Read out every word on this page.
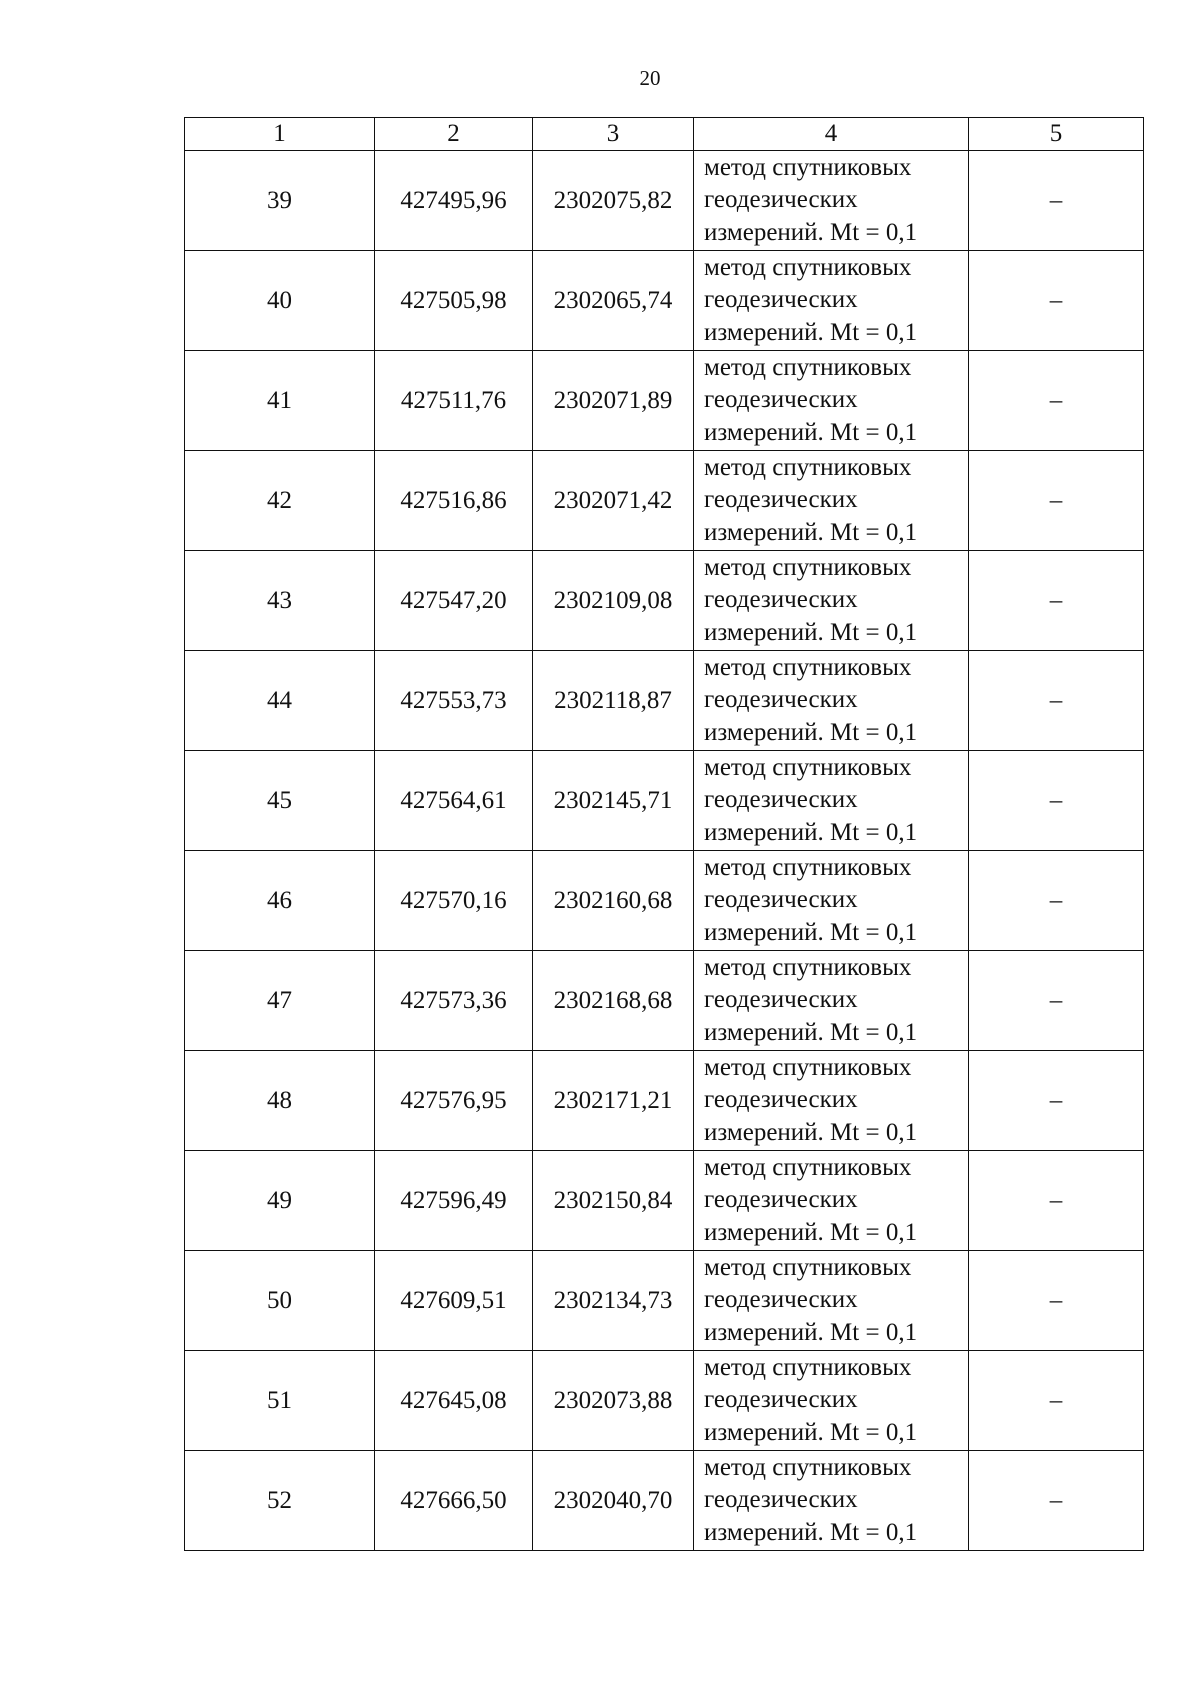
20
1	2	3	4	5
39	427495,96	2302075,82	метод спутниковых
геодезических
измерений. Mt = 0,1	–
40	427505,98	2302065,74	метод спутниковых
геодезических
измерений. Mt = 0,1	–
41	427511,76	2302071,89	метод спутниковых
геодезических
измерений. Mt = 0,1	–
42	427516,86	2302071,42	метод спутниковых
геодезических
измерений. Mt = 0,1	–
43	427547,20	2302109,08	метод спутниковых
геодезических
измерений. Mt = 0,1	–
44	427553,73	2302118,87	метод спутниковых
геодезических
измерений. Mt = 0,1	–
45	427564,61	2302145,71	метод спутниковых
геодезических
измерений. Mt = 0,1	–
46	427570,16	2302160,68	метод спутниковых
геодезических
измерений. Mt = 0,1	–
47	427573,36	2302168,68	метод спутниковых
геодезических
измерений. Mt = 0,1	–
48	427576,95	2302171,21	метод спутниковых
геодезических
измерений. Mt = 0,1	–
49	427596,49	2302150,84	метод спутниковых
геодезических
измерений. Mt = 0,1	–
50	427609,51	2302134,73	метод спутниковых
геодезических
измерений. Mt = 0,1	–
51	427645,08	2302073,88	метод спутниковых
геодезических
измерений. Mt = 0,1	–
52	427666,50	2302040,70	метод спутниковых
геодезических
измерений. Mt = 0,1	–
